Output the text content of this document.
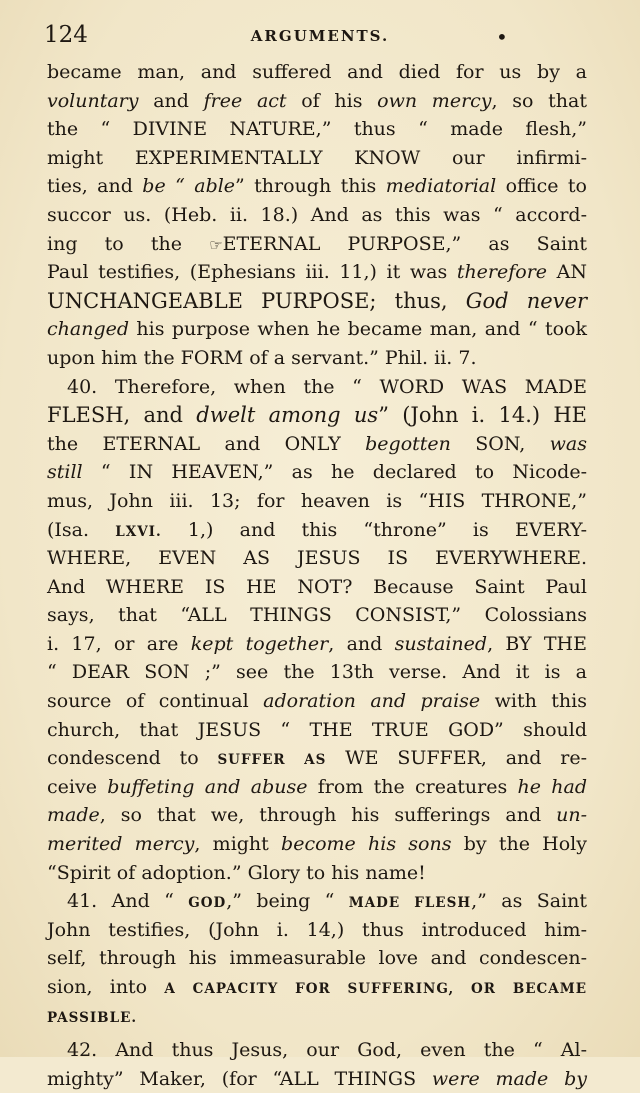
124	ARGUMENTS.	•
became man, and suffered and died for us by a
voluntary and free act of his own mercy, so that
the “ DIVINE NATURE,” thus “ made flesh,”
might EXPERIMENTALLY KNOW our infirmi-
ties, and be “ able” through this mediatorial office to
succor us. (Heb. ii. 18.) And as this was “ accord-
ing to the ☞ETERNAL PURPOSE,” as Saint
Paul testifies, (Ephesians iii. 11,) it was therefore AN
UNCHANGEABLE PURPOSE; thus, God never
changed his purpose when he became man, and “ took
upon him the FORM of a servant.” Phil. ii. 7.
40. Therefore, when the “ WORD WAS MADE
FLESH, and dwelt among us” (John i. 14.) HE
the ETERNAL and ONLY begotten SON, was
still “ IN HEAVEN,” as he declared to Nicode-
mus, John iii. 13; for heaven is “HIS THRONE,”
(Isa. LXVI. 1,) and this “throne” is EVERY-
WHERE, EVEN AS JESUS IS EVERYWHERE.
And WHERE IS HE NOT? Because Saint Paul
says, that “ALL THINGS CONSIST,” Colossians
i. 17, or are kept together, and sustained, BY THE
“ DEAR SON ;” see the 13th verse. And it is a
source of continual adoration and praise with this
church, that JESUS “ THE TRUE GOD” should
condescend to SUFFER AS WE SUFFER, and re-
ceive buffeting and abuse from the creatures he had
made, so that we, through his sufferings and un-
merited mercy, might become his sons by the Holy
“Spirit of adoption.” Glory to his name!
41. And “ GOD,” being “ MADE FLESH,” as Saint
John testifies, (John i. 14,) thus introduced him-
self, through his immeasurable love and condescen-
sion, into A CAPACITY FOR SUFFERING, OR BECAME
PASSIBLE.
42. And thus Jesus, our God, even the “ Al-
mighty” Maker, (for “ALL THINGS were made by
